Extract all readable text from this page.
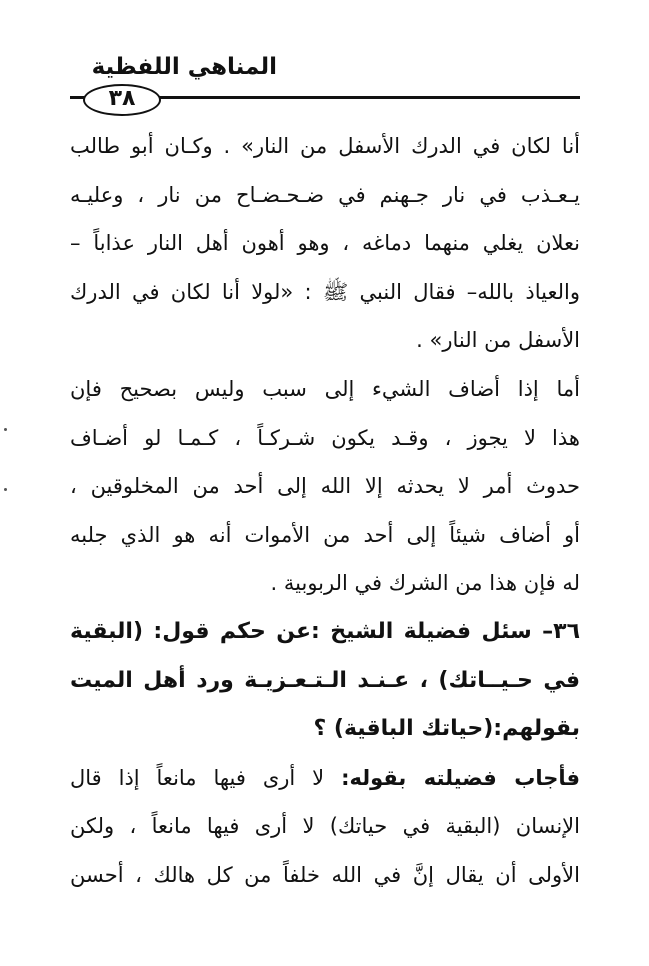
المناهي اللفظية
٣٨
أنا لكان في الدرك الأسفل من النار» . وكـان أبو طالب
يـعـذب في نار جـهنم في ضـحـضـاح من نار ، وعليـه
نعلان يغلي منهما دماغه ، وهو أهون أهل النار عذاباً –
والعياذ بالله– فقال النبي ﷺ : «لولا أنا لكان في الدرك
الأسفل من النار» .
أما إذا أضاف الشيء إلى سبب وليس بصحيح فإن
هذا لا يجوز ، وقـد يكون شـركـاً ، كـمـا لو أضـاف
حدوث أمر لا يحدثه إلا الله إلى أحد من المخلوقين ،
أو أضاف شيئاً إلى أحد من الأموات أنه هو الذي جلبه
له فإن هذا من الشرك في الربوبية .
٣٦– سئل فضيلة الشيخ :عن حكم قول: (البقية
في حـيــاتك) ، عـنـد الـتـعـزيـة ورد أهل الميت
بقولهم:(حياتك الباقية) ؟
فأجاب فضيلته بقوله: لا أرى فيها مانعاً إذا قال
الإنسان (البقية في حياتك) لا أرى فيها مانعاً ، ولكن
الأولى أن يقال إنَّ في الله خلفاً من كل هالك ، أحسن
